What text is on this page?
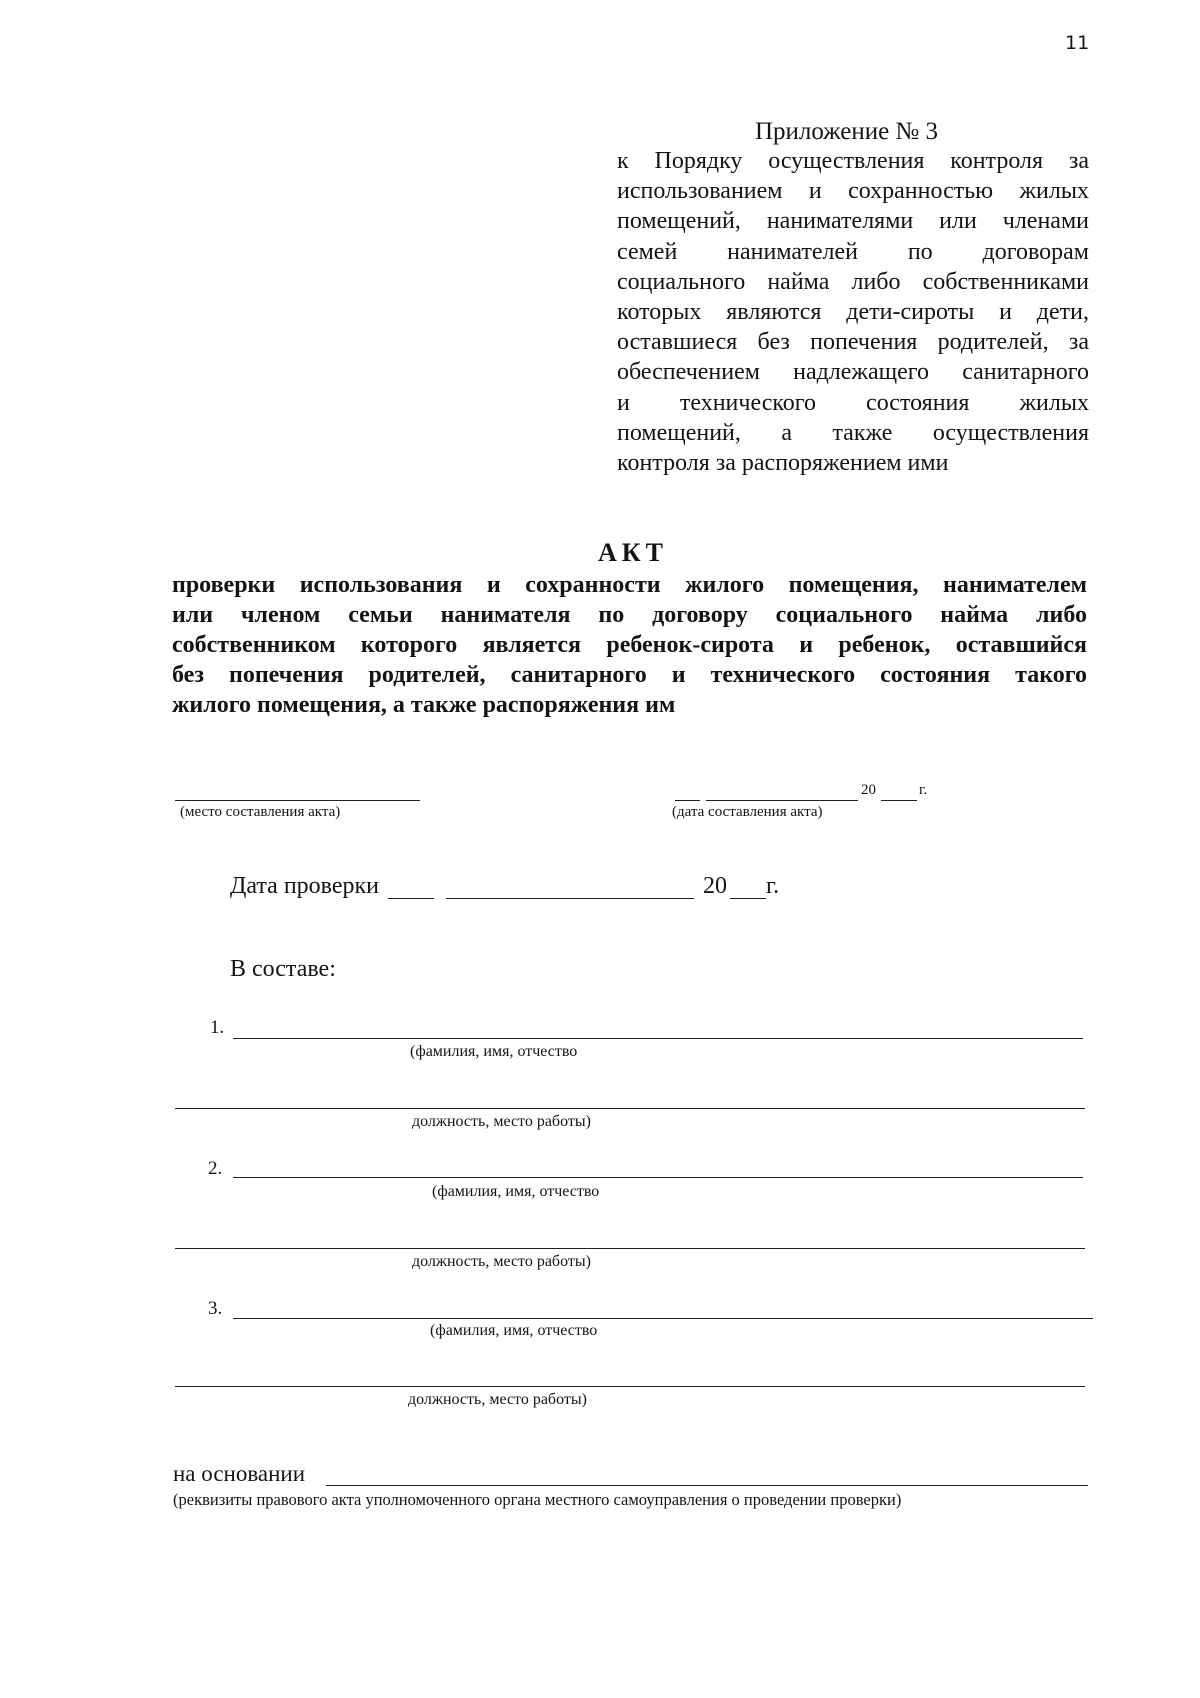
11
Приложение № 3
к Порядку осуществления контроля за
использованием и сохранностью жилых
помещений, нанимателями или членами
семей нанимателей по договорам
социального найма либо собственниками
которых являются дети-сироты и дети,
оставшиеся без попечения родителей, за
обеспечением надлежащего санитарного
и технического состояния жилых
помещений, а также осуществления
контроля за распоряжением ими
АКТ
проверки использования и сохранности жилого помещения, нанимателем
или членом семьи нанимателя по договору социального найма либо
собственником которого является ребенок-сирота и ребенок, оставшийся
без попечения родителей, санитарного и технического состояния такого
жилого помещения, а также распоряжения им
(место составления акта)
20	г.
(дата составления акта)
Дата проверки	20 г.
В составе:
1.
(фамилия, имя, отчество
должность, место работы)
2.
(фамилия, имя, отчество
должность, место работы)
3.
(фамилия, имя, отчество
должность, место работы)
на основании
(реквизиты правового акта уполномоченного органа местного самоуправления о проведении проверки)
